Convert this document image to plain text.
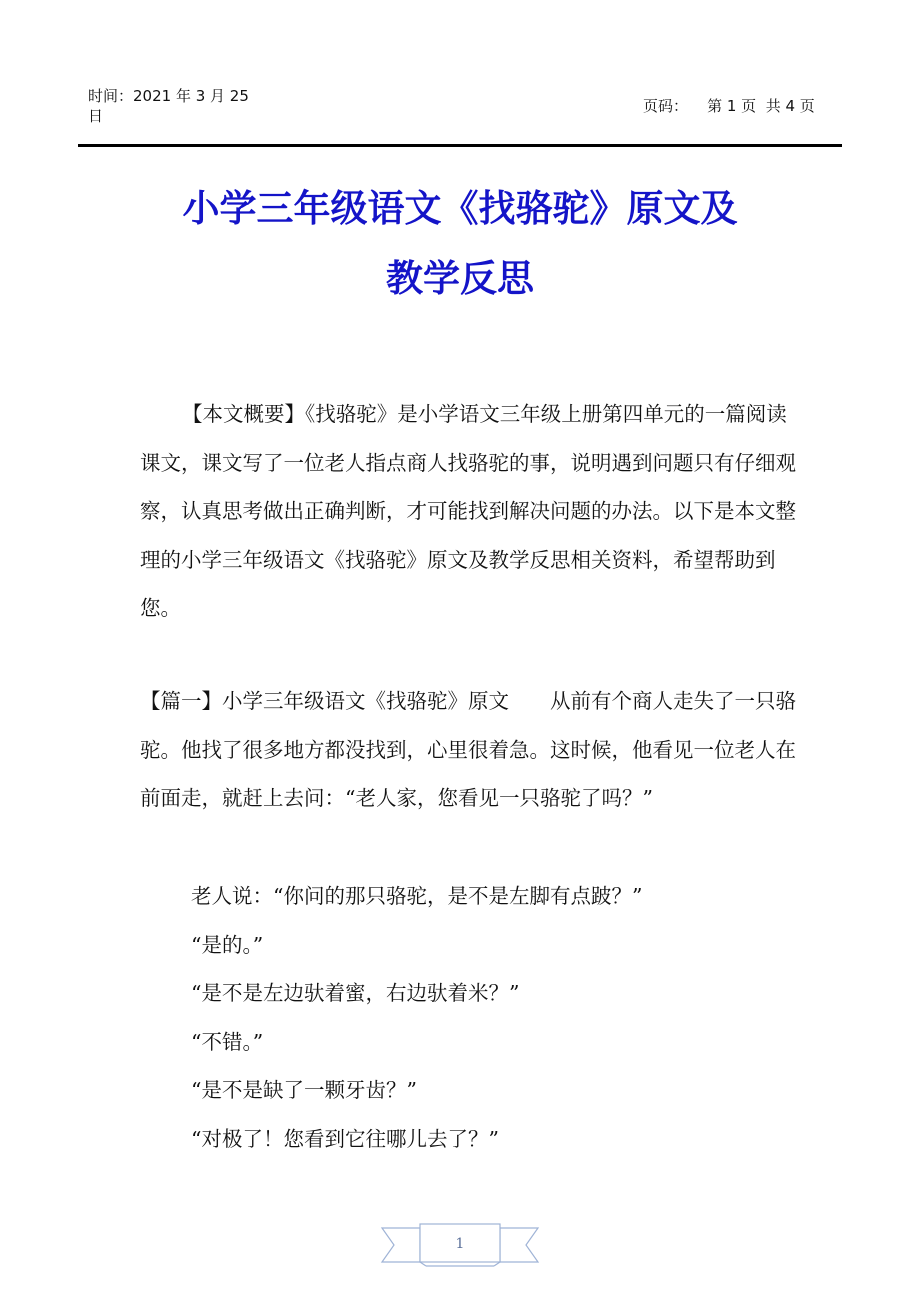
时间：2021 年 3 月 25
日
页码：    第 1 页  共 4 页
小学三年级语文《找骆驼》原文及
教学反思
【本文概要】《找骆驼》是小学语文三年级上册第四单元的一篇阅读课文，课文写了一位老人指点商人找骆驼的事，说明遇到问题只有仔细观察，认真思考做出正确判断，才可能找到解决问题的办法。以下是本文整理的小学三年级语文《找骆驼》原文及教学反思相关资料，希望帮助到您。
【篇一】小学三年级语文《找骆驼》原文　　从前有个商人走失了一只骆驼。他找了很多地方都没找到，心里很着急。这时候，他看见一位老人在前面走，就赶上去问：“老人家，您看见一只骆驼了吗？”
老人说：“你问的那只骆驼，是不是左脚有点跛？”
“是的。”
“是不是左边驮着蜜，右边驮着米？”
“不错。”
“是不是缺了一颗牙齿？”
“对极了！您看到它往哪儿去了？”
1
